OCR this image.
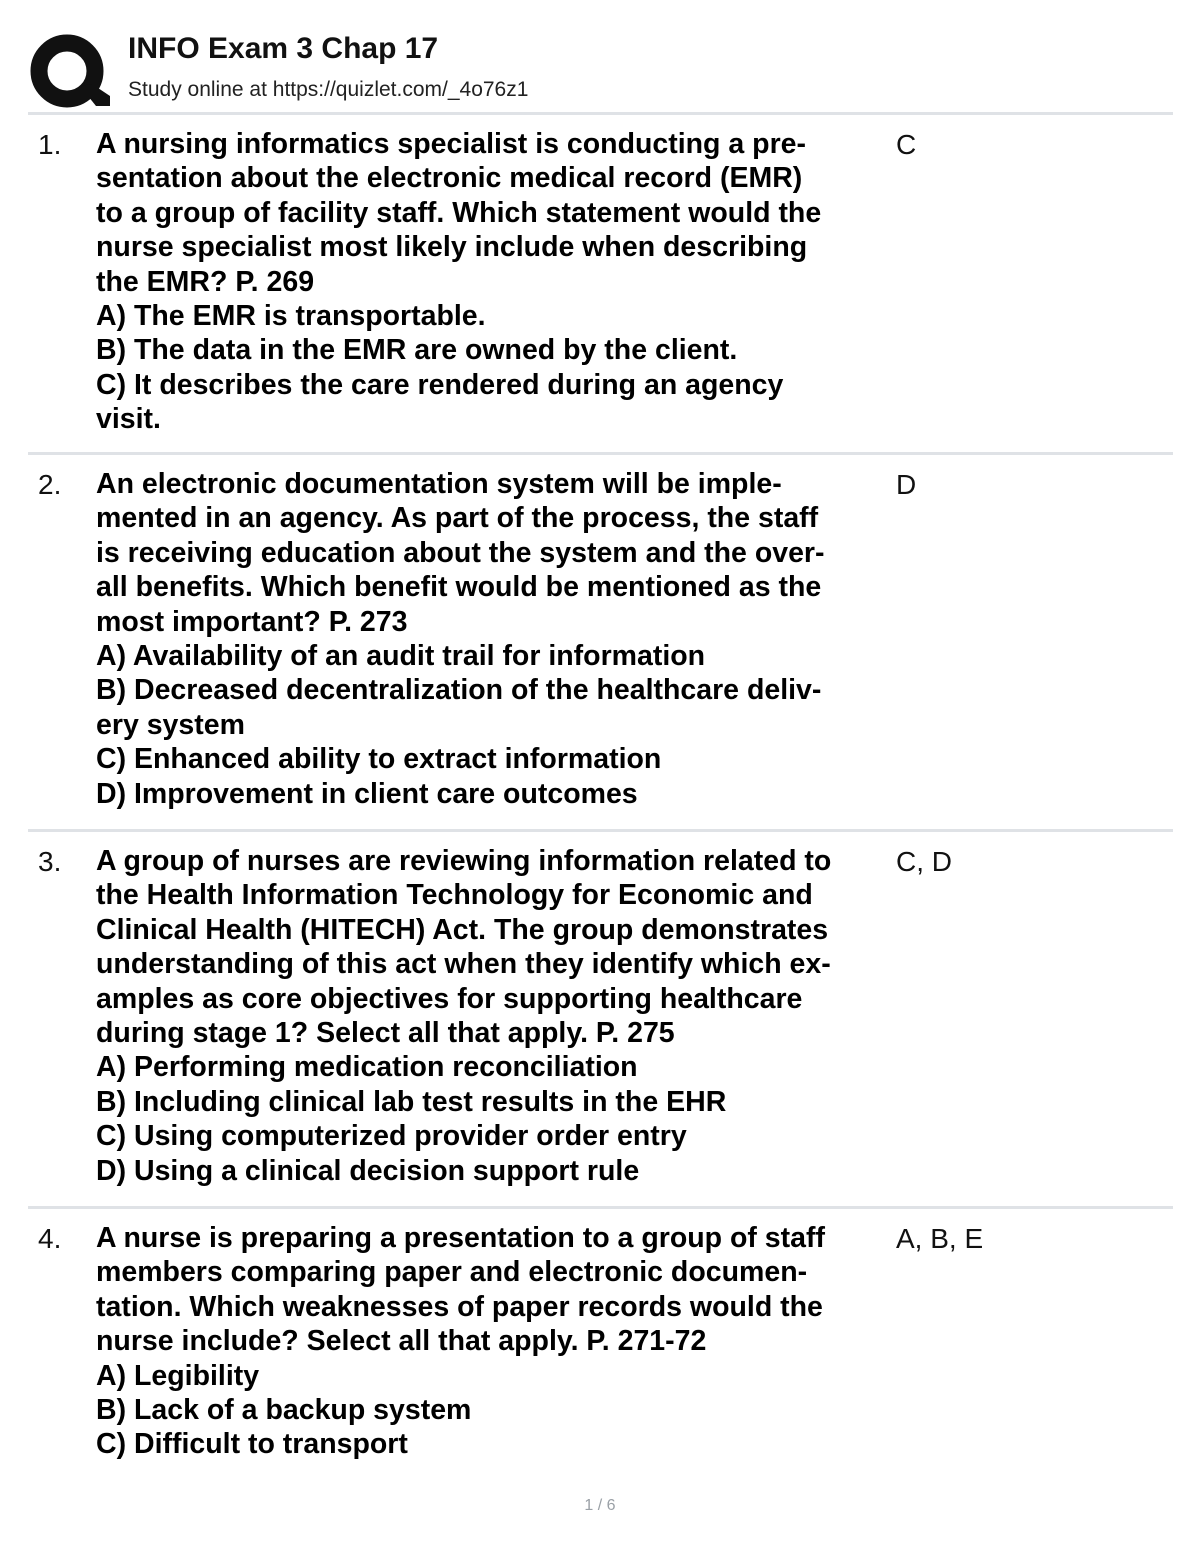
INFO Exam 3 Chap 17
Study online at https://quizlet.com/_4o76z1
1. A nursing informatics specialist is conducting a pre-
sentation about the electronic medical record (EMR)
to a group of facility staff. Which statement would the
nurse specialist most likely include when describing
the EMR? P. 269
A) The EMR is transportable.
B) The data in the EMR are owned by the client.
C) It describes the care rendered during an agency
visit.
C
2. An electronic documentation system will be imple-
mented in an agency. As part of the process, the staff
is receiving education about the system and the over-
all benefits. Which benefit would be mentioned as the
most important? P. 273
A) Availability of an audit trail for information
B) Decreased decentralization of the healthcare deliv-
ery system
C) Enhanced ability to extract information
D) Improvement in client care outcomes
D
3. A group of nurses are reviewing information related to
the Health Information Technology for Economic and
Clinical Health (HITECH) Act. The group demonstrates
understanding of this act when they identify which ex-
amples as core objectives for supporting healthcare
during stage 1? Select all that apply. P. 275
A) Performing medication reconciliation
B) Including clinical lab test results in the EHR
C) Using computerized provider order entry
D) Using a clinical decision support rule
C, D
4. A nurse is preparing a presentation to a group of staff
members comparing paper and electronic documen-
tation. Which weaknesses of paper records would the
nurse include? Select all that apply. P. 271-72
A) Legibility
B) Lack of a backup system
C) Difficult to transport
A, B, E
1 / 6
